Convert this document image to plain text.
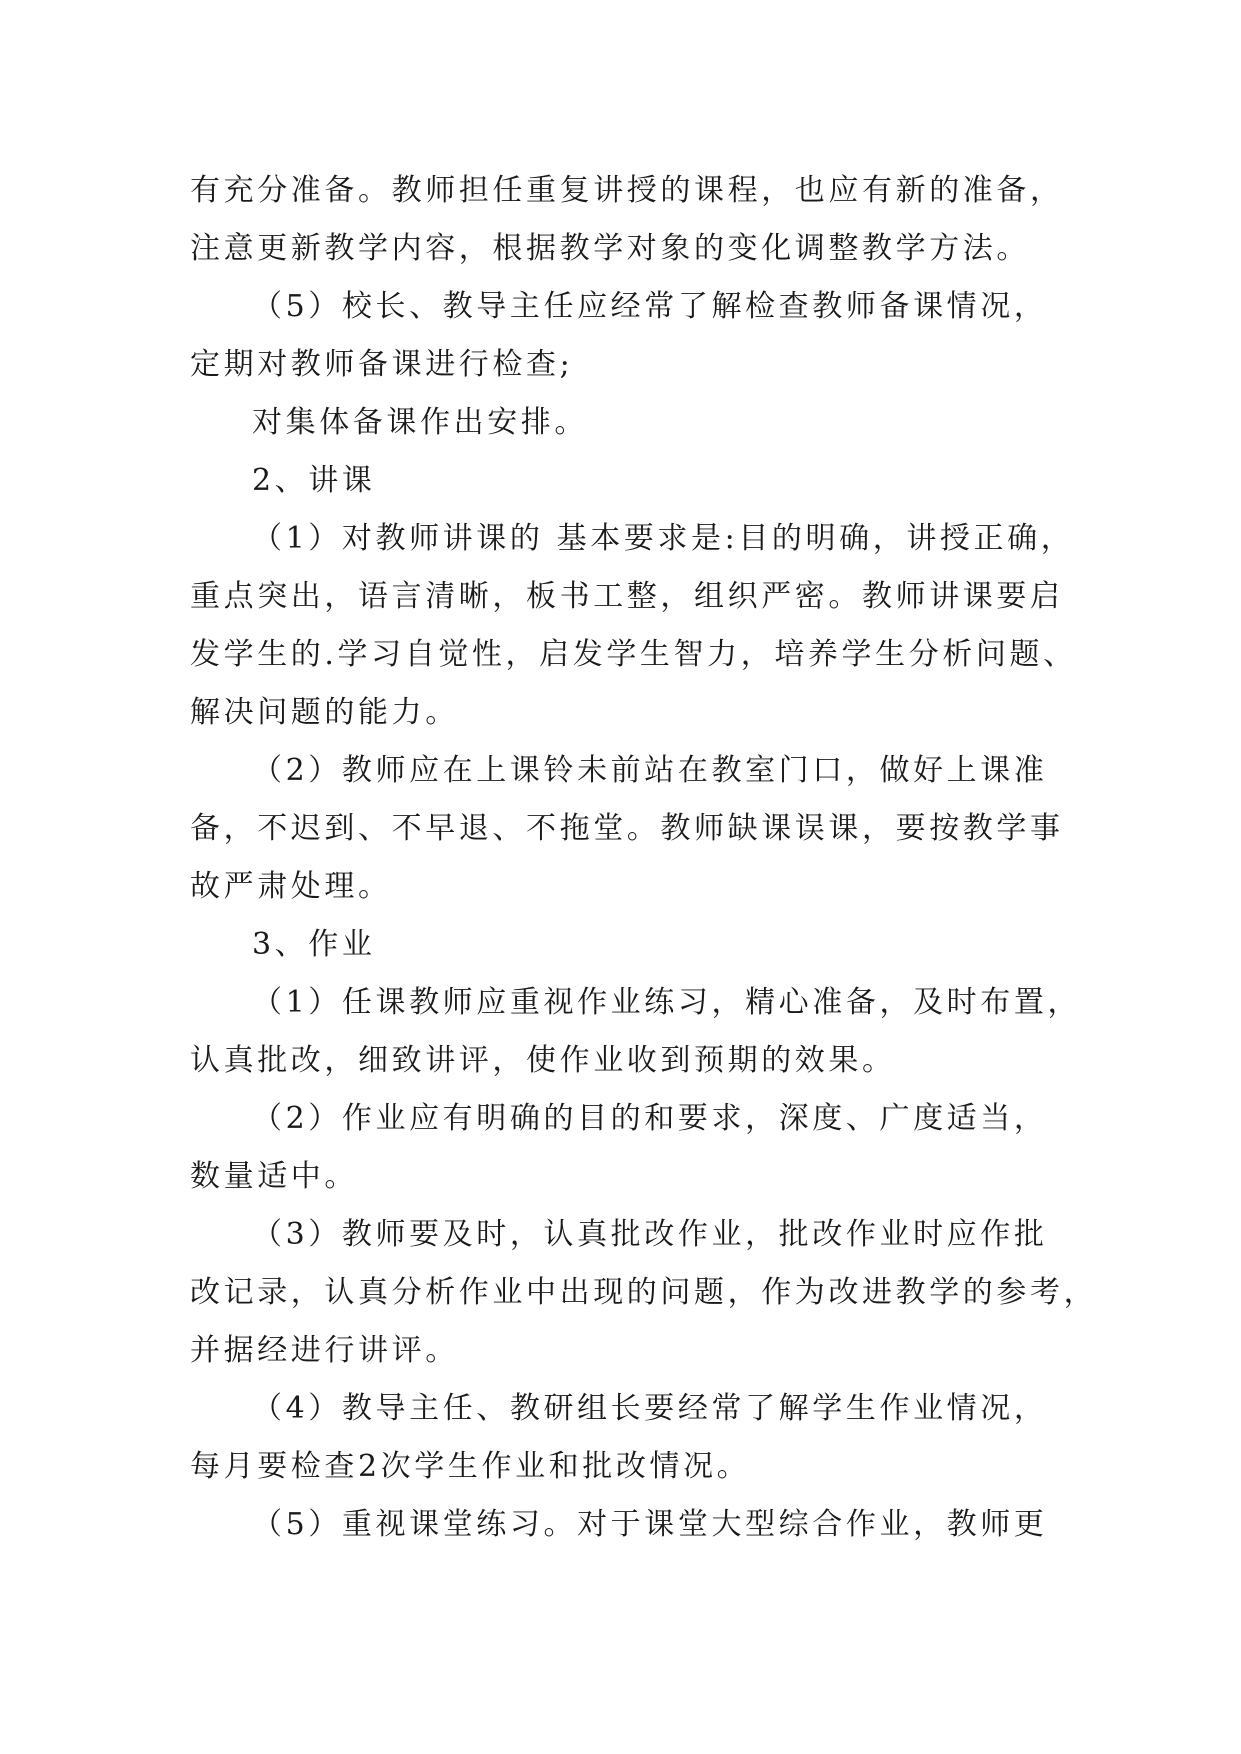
有充分准备。教师担任重复讲授的课程，也应有新的准备，
注意更新教学内容，根据教学对象的变化调整教学方法。
（5）校长、教导主任应经常了解检查教师备课情况，
定期对教师备课进行检查;
对集体备课作出安排。
2、讲课
（1）对教师讲课的 基本要求是:目的明确，讲授正确，
重点突出，语言清晰，板书工整，组织严密。教师讲课要启
发学生的.学习自觉性，启发学生智力，培养学生分析问题、
解决问题的能力。
（2）教师应在上课铃未前站在教室门口，做好上课准
备，不迟到、不早退、不拖堂。教师缺课误课，要按教学事
故严肃处理。
3、作业
（1）任课教师应重视作业练习，精心准备，及时布置，
认真批改，细致讲评，使作业收到预期的效果。
（2）作业应有明确的目的和要求，深度、广度适当，
数量适中。
（3）教师要及时，认真批改作业，批改作业时应作批
改记录，认真分析作业中出现的问题，作为改进教学的参考，
并据经进行讲评。
（4）教导主任、教研组长要经常了解学生作业情况，
每月要检查2次学生作业和批改情况。
（5）重视课堂练习。对于课堂大型综合作业，教师更
